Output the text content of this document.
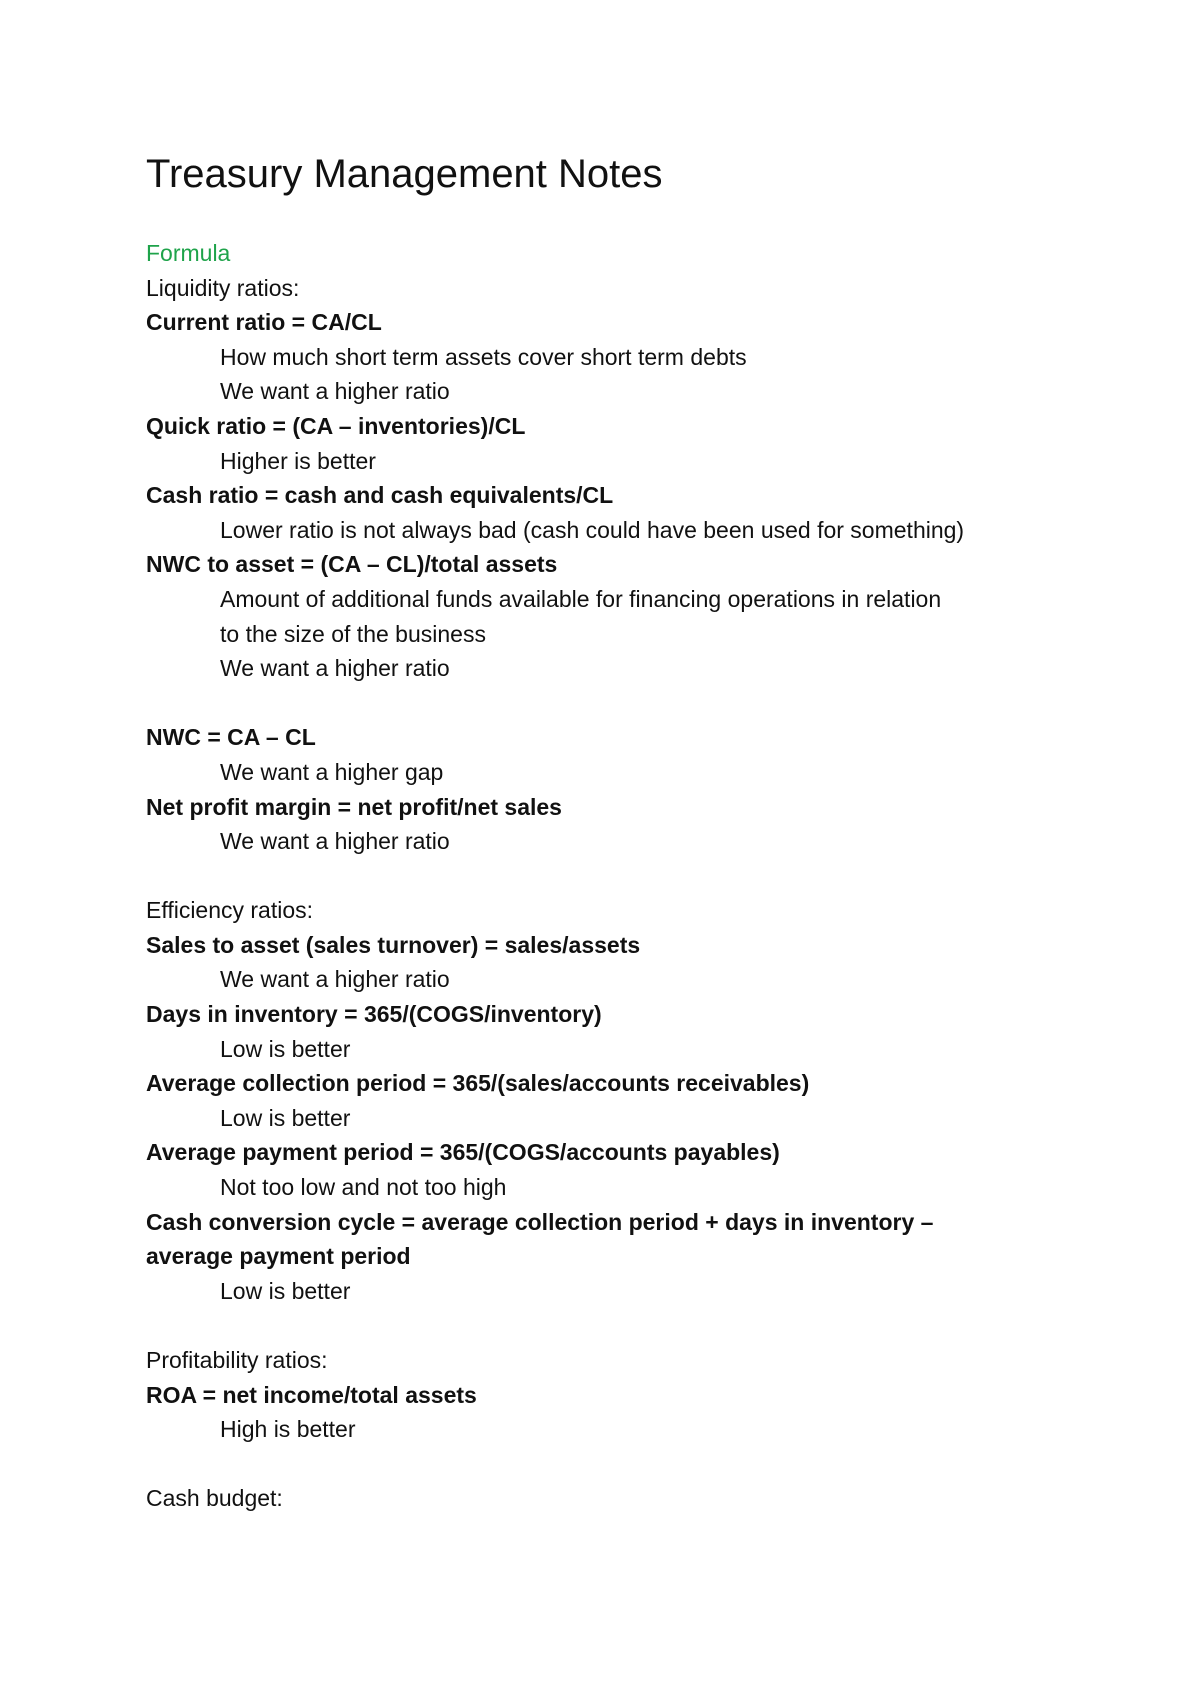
Treasury Management Notes
Formula
Liquidity ratios:
Current ratio = CA/CL
How much short term assets cover short term debts
We want a higher ratio
Quick ratio = (CA – inventories)/CL
Higher is better
Cash ratio = cash and cash equivalents/CL
Lower ratio is not always bad (cash could have been used for something)
NWC to asset = (CA – CL)/total assets
Amount of additional funds available for financing operations in relation
to the size of the business
We want a higher ratio
NWC = CA – CL
We want a higher gap
Net profit margin = net profit/net sales
We want a higher ratio
Efficiency ratios:
Sales to asset (sales turnover) = sales/assets
We want a higher ratio
Days in inventory = 365/(COGS/inventory)
Low is better
Average collection period = 365/(sales/accounts receivables)
Low is better
Average payment period = 365/(COGS/accounts payables)
Not too low and not too high
Cash conversion cycle = average collection period + days in inventory –
average payment period
Low is better
Profitability ratios:
ROA = net income/total assets
High is better
Cash budget:
